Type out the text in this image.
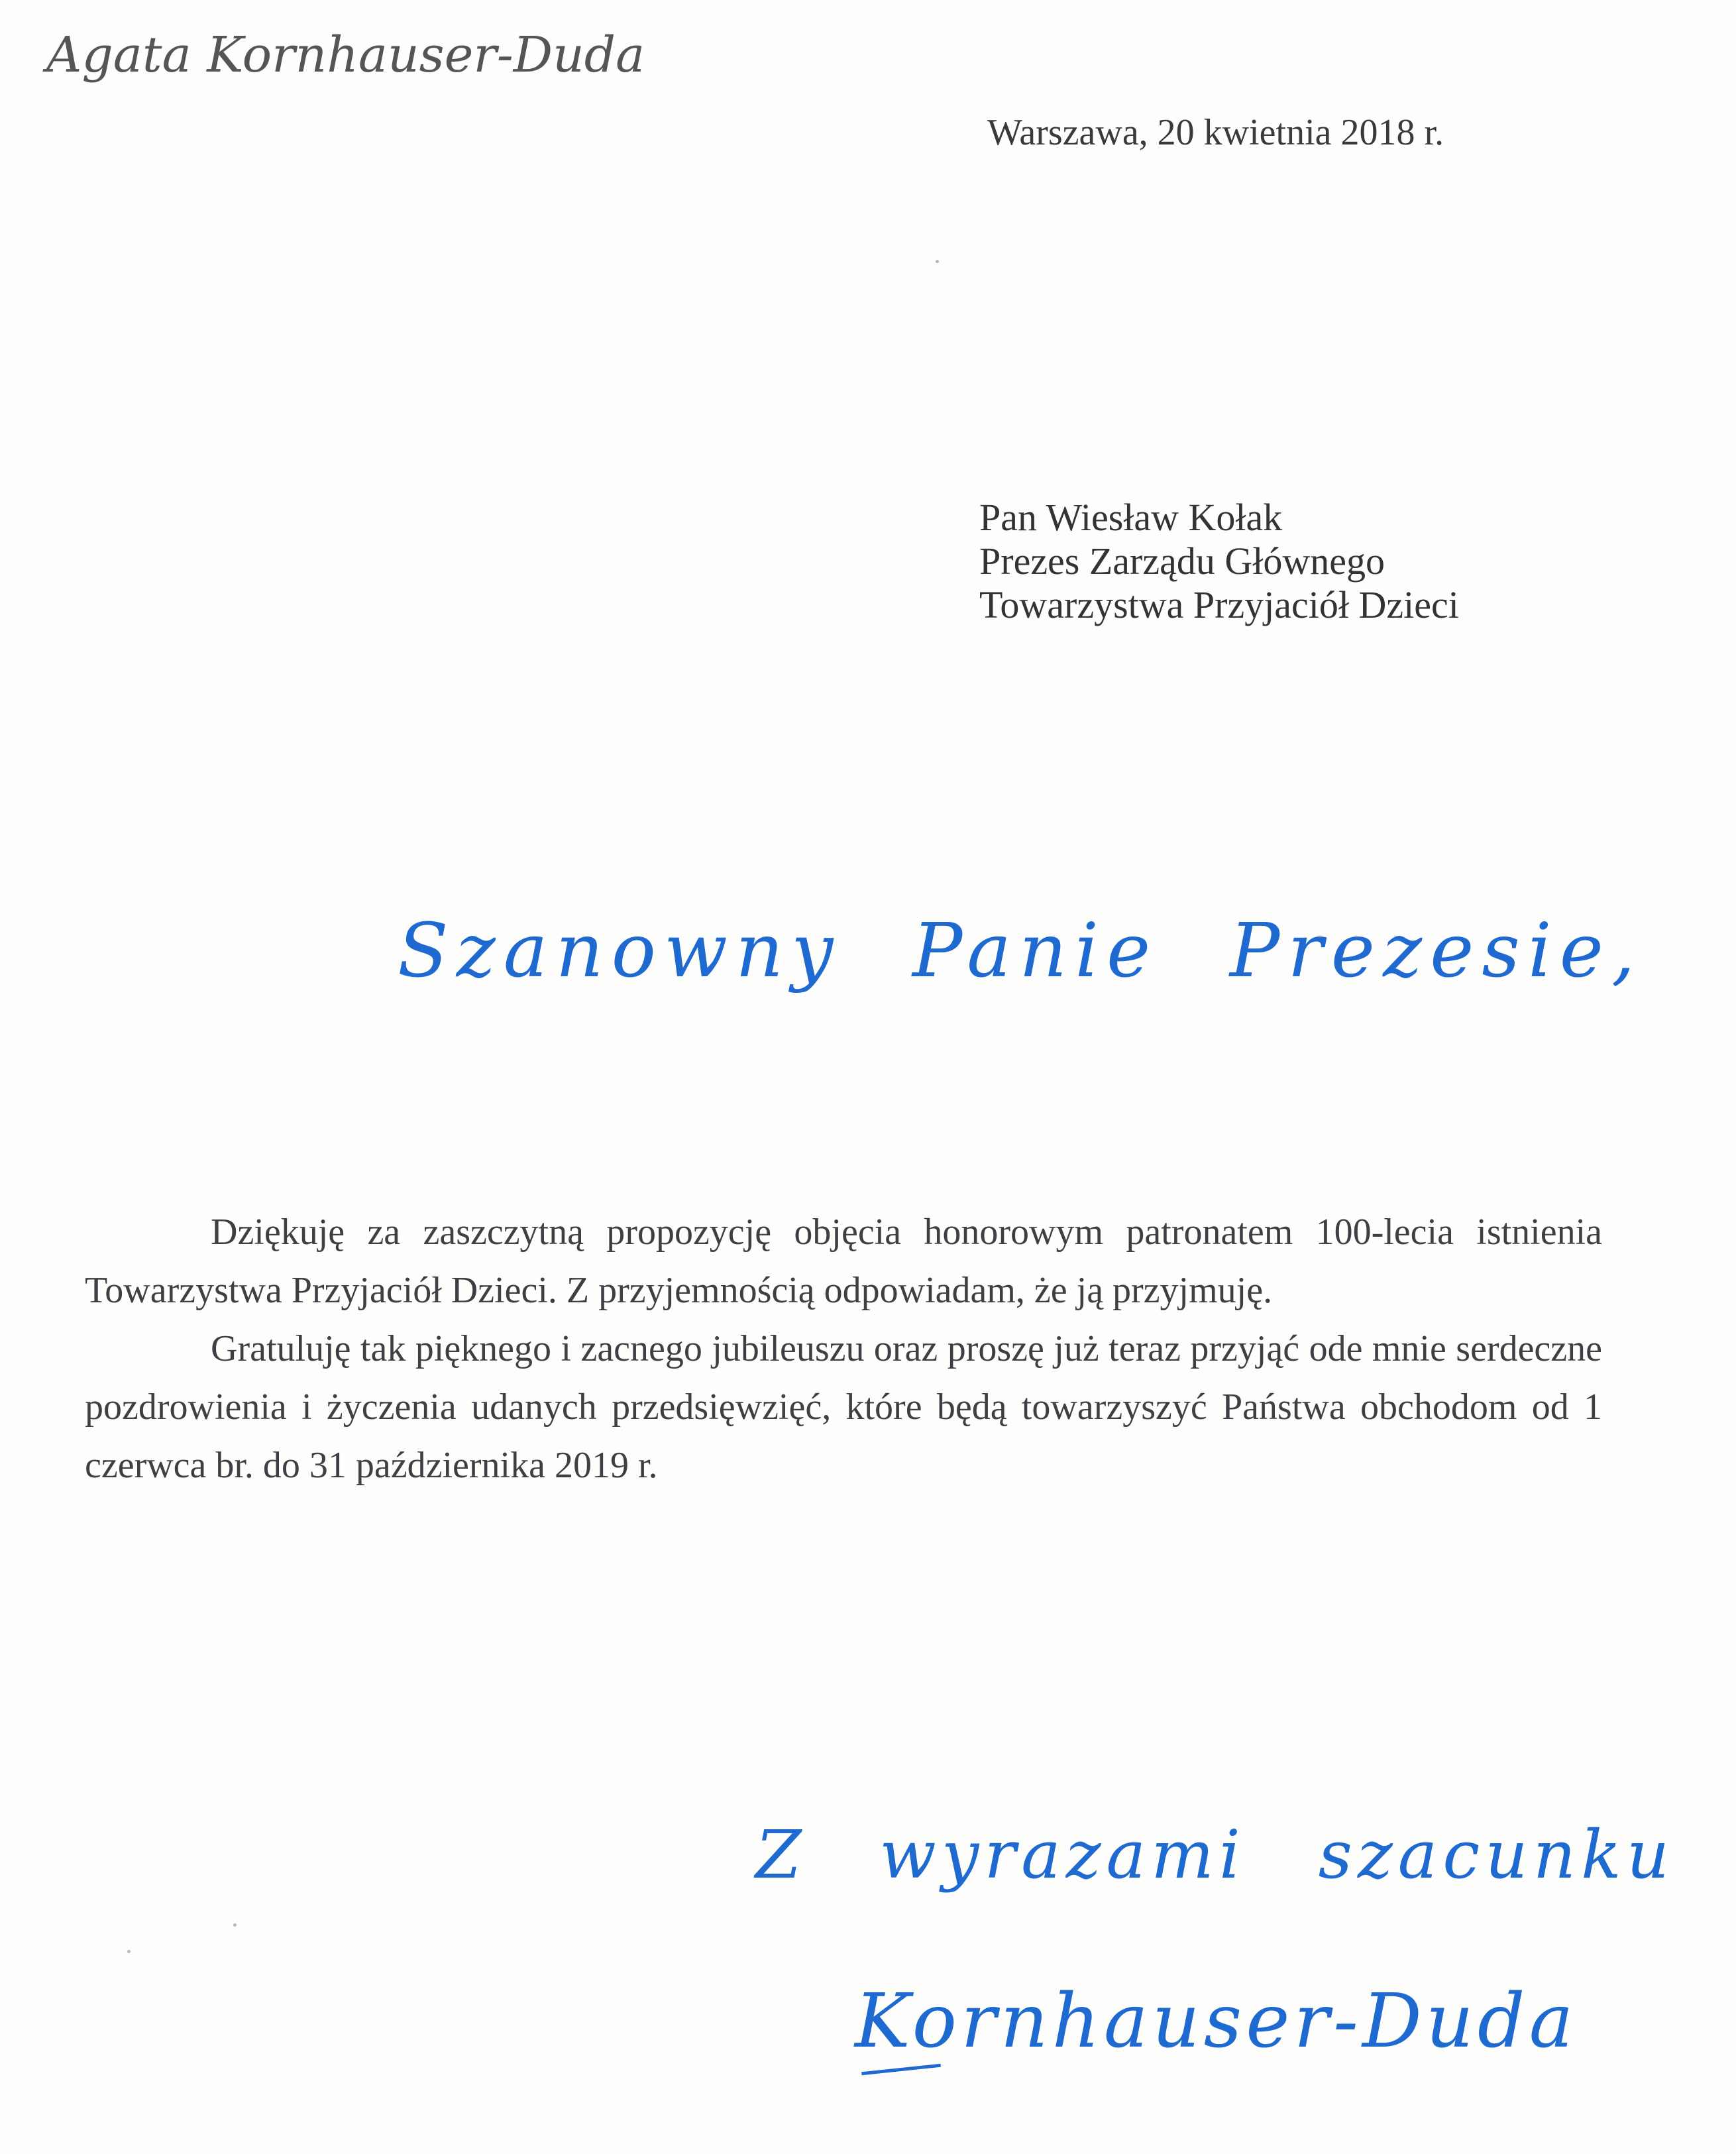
Agata Kornhauser-Duda
Warszawa, 20 kwietnia 2018 r.
Pan Wiesław Kołak
Prezes Zarządu Głównego
Towarzystwa Przyjaciół Dzieci
Szanowny Panie Prezesie,

Dziękuję za zaszczytną propozycję objęcia honorowym patronatem 100-lecia istnienia Towarzystwa Przyjaciół Dzieci. Z przyjemnością odpowiadam, że ją przyjmuję.

Gratuluję tak pięknego i zacnego jubileuszu oraz proszę już teraz przyjąć ode mnie serdeczne pozdrowienia i życzenia udanych przedsięwzięć, które będą towarzyszyć Państwa obchodom od 1 czerwca br. do 31 października 2019 r.

Z wyrazami szacunku
Kornhauser-Duda
